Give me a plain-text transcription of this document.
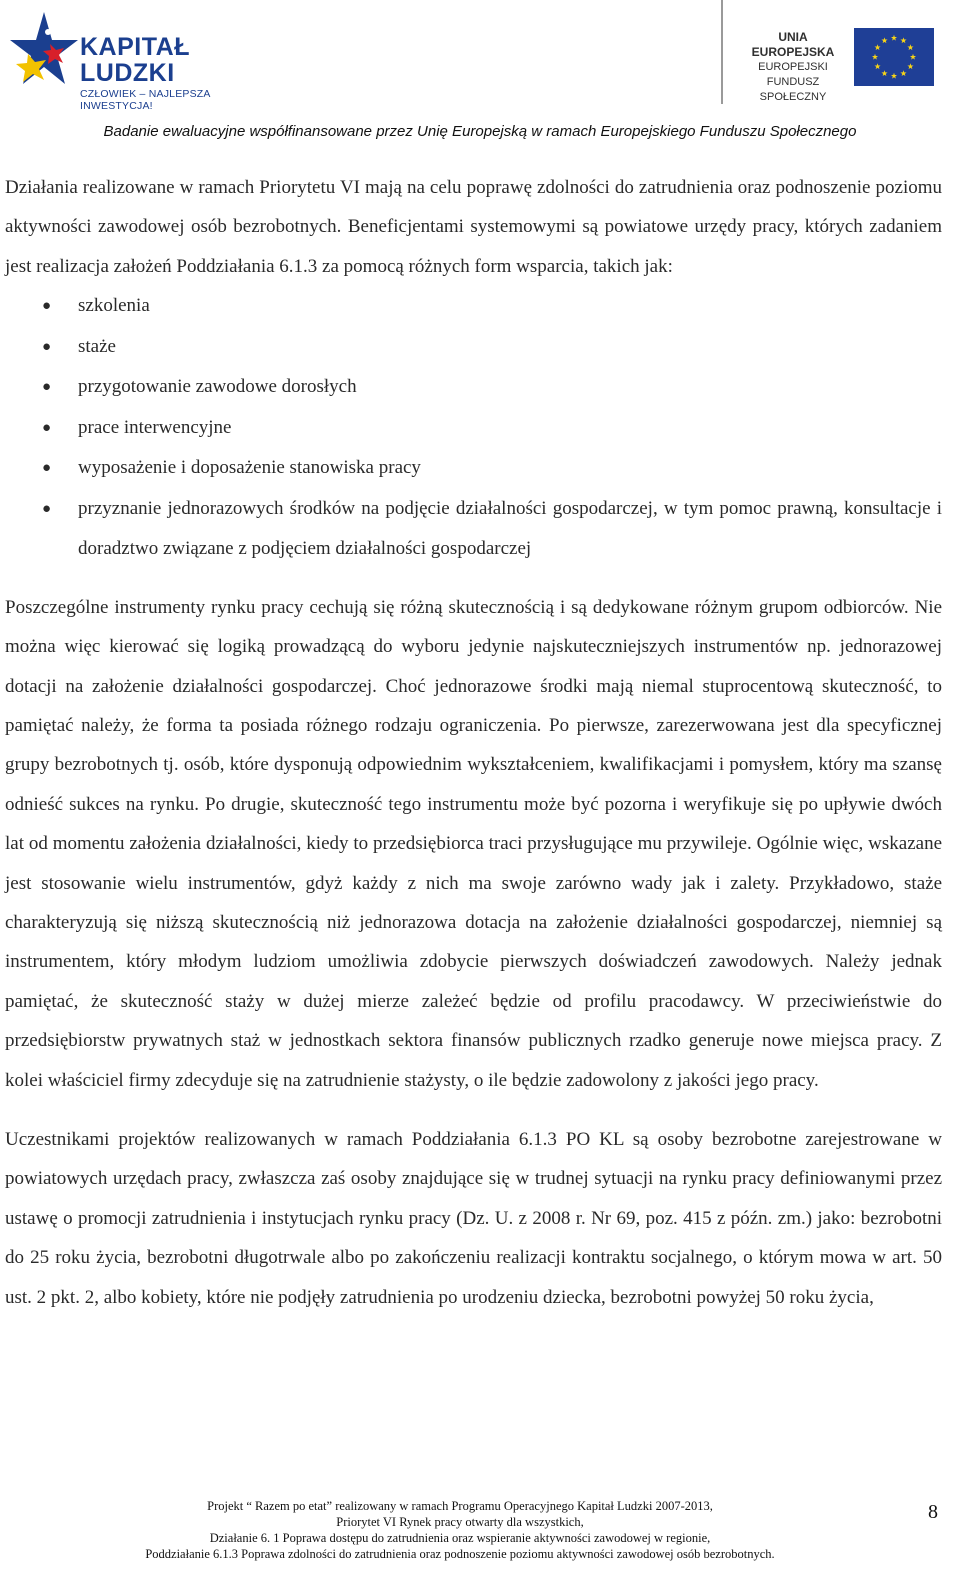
KAPITAŁ LUDZKI
CZŁOWIEK – NAJLEPSZA INWESTYCJA!
UNIA EUROPEJSKA
EUROPEJSKI
FUNDUSZ SPOŁECZNY
Badanie ewaluacyjne współfinansowane przez Unię Europejską w ramach Europejskiego Funduszu Społecznego

Działania realizowane w ramach Priorytetu VI mają na celu poprawę zdolności do zatrudnienia oraz podnoszenie poziomu aktywności zawodowej osób bezrobotnych. Beneficjentami systemowymi są powiatowe urzędy pracy, których zadaniem jest realizacja założeń Poddziałania 6.1.3 za pomocą różnych form wsparcia, takich jak:

● szkolenia
● staże
● przygotowanie zawodowe dorosłych
● prace interwencyjne
● wyposażenie i doposażenie stanowiska pracy
● przyznanie jednorazowych środków na podjęcie działalności gospodarczej, w tym pomoc prawną, konsultacje i doradztwo związane z podjęciem działalności gospodarczej

Poszczególne instrumenty rynku pracy cechują się różną skutecznością i są dedykowane różnym grupom odbiorców. Nie można więc kierować się logiką prowadzącą do wyboru jedynie najskuteczniejszych instrumentów np. jednorazowej dotacji na założenie działalności gospodarczej. Choć jednorazowe środki mają niemal stuprocentową skuteczność, to pamiętać należy, że forma ta posiada różnego rodzaju ograniczenia. Po pierwsze, zarezerwowana jest dla specyficznej grupy bezrobotnych tj. osób, które dysponują odpowiednim wykształceniem, kwalifikacjami i pomysłem, który ma szansę odnieść sukces na rynku. Po drugie, skuteczność tego instrumentu może być pozorna i weryfikuje się po upływie dwóch lat od momentu założenia działalności, kiedy to przedsiębiorca traci przysługujące mu przywileje. Ogólnie więc, wskazane jest stosowanie wielu instrumentów, gdyż każdy z nich ma swoje zarówno wady jak i zalety. Przykładowo, staże charakteryzują się niższą skutecznością niż jednorazowa dotacja na założenie działalności gospodarczej, niemniej są instrumentem, który młodym ludziom umożliwia zdobycie pierwszych doświadczeń zawodowych. Należy jednak pamiętać, że skuteczność staży w dużej mierze zależeć będzie od profilu pracodawcy. W przeciwieństwie do przedsiębiorstw prywatnych staż w jednostkach sektora finansów publicznych rzadko generuje nowe miejsca pracy. Z kolei właściciel firmy zdecyduje się na zatrudnienie stażysty, o ile będzie zadowolony z jakości jego pracy.

Uczestnikami projektów realizowanych w ramach Poddziałania 6.1.3 PO KL są osoby bezrobotne zarejestrowane w powiatowych urzędach pracy, zwłaszcza zaś osoby znajdujące się w trudnej sytuacji na rynku pracy definiowanymi przez ustawę o promocji zatrudnienia i instytucjach rynku pracy (Dz. U. z 2008 r. Nr 69, poz. 415 z późn. zm.) jako: bezrobotni do 25 roku życia, bezrobotni długotrwale albo po zakończeniu realizacji kontraktu socjalnego, o którym mowa w art. 50 ust. 2 pkt. 2, albo kobiety, które nie podjęły zatrudnienia po urodzeniu dziecka, bezrobotni powyżej 50 roku życia,

Projekt “ Razem po etat” realizowany w ramach Programu Operacyjnego Kapitał Ludzki 2007-2013,
Priorytet VI Rynek pracy otwarty dla wszystkich,
Działanie 6. 1 Poprawa dostępu do zatrudnienia oraz wspieranie aktywności zawodowej w regionie,
Poddziałanie 6.1.3 Poprawa zdolności do zatrudnienia oraz podnoszenie poziomu aktywności zawodowej osób bezrobotnych.
8
